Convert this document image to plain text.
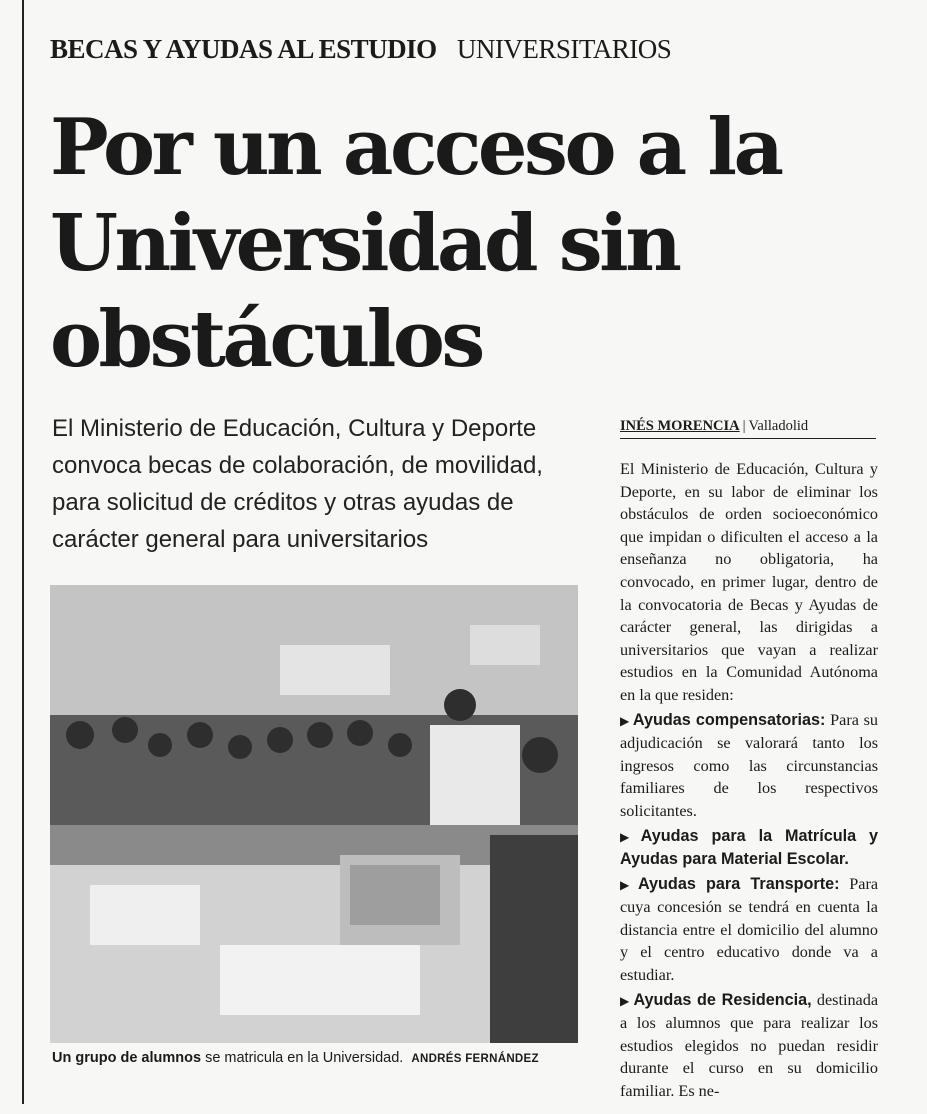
BECAS Y AYUDAS AL ESTUDIO UNIVERSITARIOS
Por un acceso a la Universidad sin obstáculos

El Ministerio de Educación, Cultura y Deporte convoca becas de colaboración, de movilidad, para solicitud de créditos y otras ayudas de carácter general para universitarios

Un grupo de alumnos se matricula en la Universidad. ANDRÉS FERNÁNDEZ

INÉS MORENCIA | Valladolid

El Ministerio de Educación, Cultura y Deporte, en su labor de eliminar los obstáculos de orden socioeconómico que impidan o dificulten el acceso a la enseñanza no obligatoria, ha convocado, en primer lugar, dentro de la convocatoria de Becas y Ayudas de carácter general, las dirigidas a universitarios que vayan a realizar estudios en la Comunidad Autónoma en la que residen:

▶ Ayudas compensatorias: Para su adjudicación se valorará tanto los ingresos como las circunstancias familiares de los respectivos solicitantes.

▶ Ayudas para la Matrícula y Ayudas para Material Escolar.

▶ Ayudas para Transporte: Para cuya concesión se tendrá en cuenta la distancia entre el domicilio del alumno y el centro educativo donde va a estudiar.

▶ Ayudas de Residencia, destinada a los alumnos que para realizar los estudios elegidos no puedan residir durante el curso en su domicilio familiar. Es ne-
